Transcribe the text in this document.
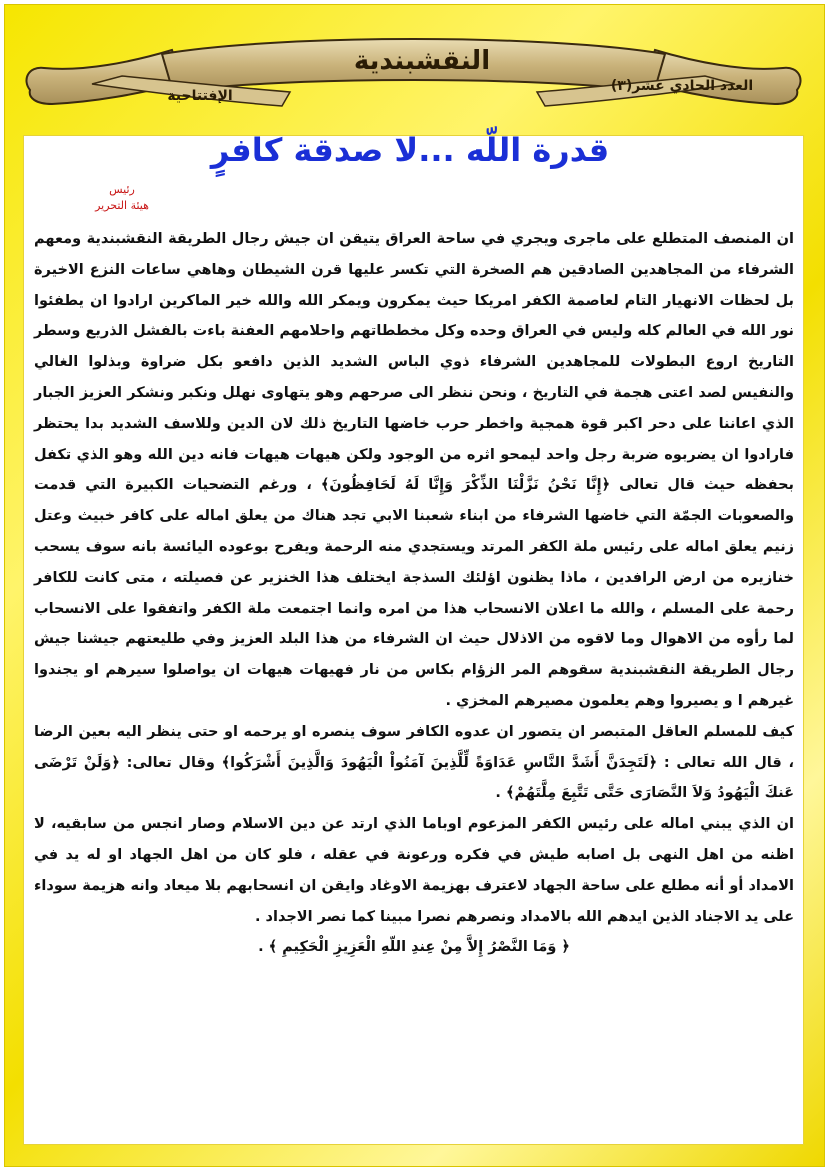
النقشبندية
العدد الحادي عشر(٣)
الإفتتاحية
قدرة اللّه ...لا صدقة كافرٍ
رئيس
هيئة التحرير

ان المنصف المتطلع على ماجرى ويجري في ساحة العراق يتيقن ان جيش رجال الطريقة النقشبندية ومعهم الشرفاء من المجاهدين الصادقين هم الصخرة التي تكسر عليها قرن الشيطان وهاهي ساعات النزع الاخيرة بل لحظات الانهيار التام لعاصمة الكفر امريكا حيث يمكرون ويمكر الله والله خير الماكرين ارادوا ان يطفئوا نور الله في العالم كله وليس في العراق وحده وكل مخططاتهم واحلامهم العفنة باءت بالفشل الذريع وسطر التاريخ اروع البطولات للمجاهدين الشرفاء ذوي الباس الشديد الذين دافعو بكل ضراوة وبذلوا الغالي والنفيس لصد اعتى هجمة في التاريخ ، ونحن ننظر الى صرحهم وهو يتهاوى نهلل ونكبر ونشكر العزيز الجبار الذي اعاننا على دحر اكبر قوة همجية واخطر حرب خاضها التاريخ ذلك لان الدين وللاسف الشديد بدا يحتظر فارادوا ان يضربوه ضربة رجل واحد ليمحو اثره من الوجود ولكن هيهات هيهات فانه دين الله وهو الذي تكفل بحفظه حيث قال تعالى ﴿إِنَّا نَحْنُ نَزَّلْنَا الذِّكْرَ وَإِنَّا لَهُ لَحَافِظُونَ﴾ ، ورغم التضحيات الكبيرة التي قدمت والصعوبات الجمّة التي خاضها الشرفاء من ابناء شعبنا الابي تجد هناك من يعلق اماله على كافر خبيث وعتل زنيم يعلق اماله على رئيس ملة الكفر المرتد ويستجدي منه الرحمة ويفرح بوعوده اليائسة بانه سوف يسحب خنازيره من ارض الرافدين ، ماذا يظنون اؤلئك السذجة ايختلف هذا الخنزير عن فصيلته ، متى كانت للكافر رحمة على المسلم ، والله ما اعلان الانسحاب هذا من امره وانما اجتمعت ملة الكفر واتفقوا على الانسحاب لما رأوه من الاهوال وما لاقوه من الاذلال حيث ان الشرفاء من هذا البلد العزيز وفي طليعتهم جيشنا جيش رجال الطريقة النقشبندية سقوهم المر الزؤام بكاس من نار فهيهات هيهات ان يواصلوا سيرهم او يجندوا غيرهم ا و يصيروا وهم يعلمون مصيرهم المخزي .

كيف للمسلم العاقل المتبصر ان يتصور ان عدوه الكافر سوف ينصره او يرحمه او حتى ينظر اليه بعين الرضا ، قال الله تعالى : ﴿لَتَجِدَنَّ أَشَدَّ النَّاسِ عَدَاوَةً لِّلَّذِينَ آمَنُواْ الْيَهُودَ وَالَّذِينَ أَشْرَكُوا﴾ وقال تعالى: ﴿وَلَنْ تَرْضَى عَنكَ الْيَهُودُ وَلاَ النَّصَارَى حَتَّى تَتَّبِعَ مِلَّتَهُمْ﴾ .

ان الذي يبني اماله على رئيس الكفر المزعوم اوباما الذي ارتد عن دين الاسلام وصار انجس من سابقيه، لا اظنه من اهل النهى بل اصابه طيش في فكره ورعونة في عقله ، فلو كان من اهل الجهاد او له يد في الامداد أو أنه مطلع على ساحة الجهاد لاعترف بهزيمة الاوغاد وايقن ان انسحابهم بلا ميعاد وانه هزيمة سوداء على يد الاجناد الذين ايدهم الله بالامداد ونصرهم نصرا مبينا كما نصر الاجداد .

﴿ وَمَا النَّصْرُ إِلاَّ مِنْ عِندِ اللّهِ الْعَزِيزِ الْحَكِيمِ ﴾ .
